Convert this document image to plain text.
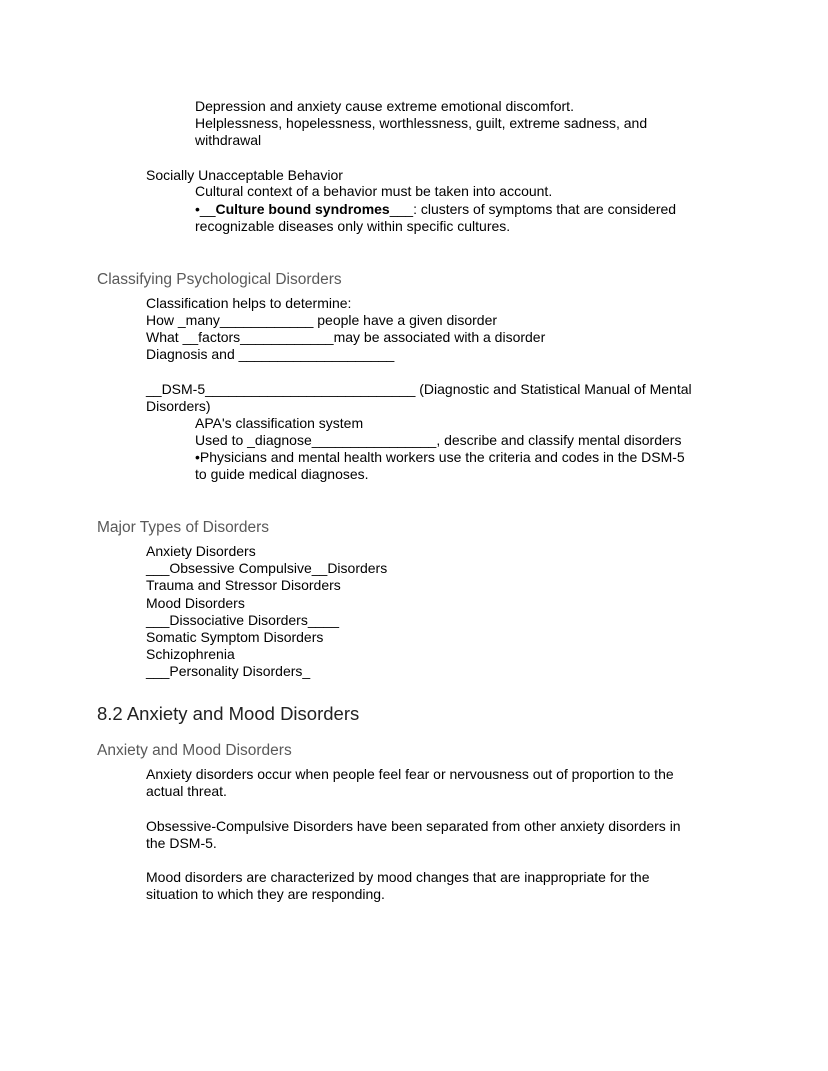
Depression and anxiety cause extreme emotional discomfort.
Helplessness, hopelessness, worthlessness, guilt, extreme sadness, and
withdrawal
Socially Unacceptable Behavior
Cultural context of a behavior must be taken into account.
•__Culture bound syndromes___: clusters of symptoms that are considered
recognizable diseases only within specific cultures.
Classifying Psychological Disorders
Classification helps to determine:
How _many____________ people have a given disorder
What __factors____________may be associated with a disorder
Diagnosis and ____________________
__DSM-5___________________________ (Diagnostic and Statistical Manual of Mental
Disorders)
APA's classification system
Used to _diagnose________________, describe and classify mental disorders
•Physicians and mental health workers use the criteria and codes in the DSM-5
to guide medical diagnoses.
Major Types of Disorders
Anxiety Disorders
___Obsessive Compulsive__Disorders
Trauma and Stressor Disorders
Mood Disorders
___Dissociative Disorders____
Somatic Symptom Disorders
Schizophrenia
___Personality Disorders_
8.2 Anxiety and Mood Disorders
Anxiety and Mood Disorders
Anxiety disorders occur when people feel fear or nervousness out of proportion to the
actual threat.
Obsessive-Compulsive Disorders have been separated from other anxiety disorders in
the DSM-5.
Mood disorders are characterized by mood changes that are inappropriate for the
situation to which they are responding.
